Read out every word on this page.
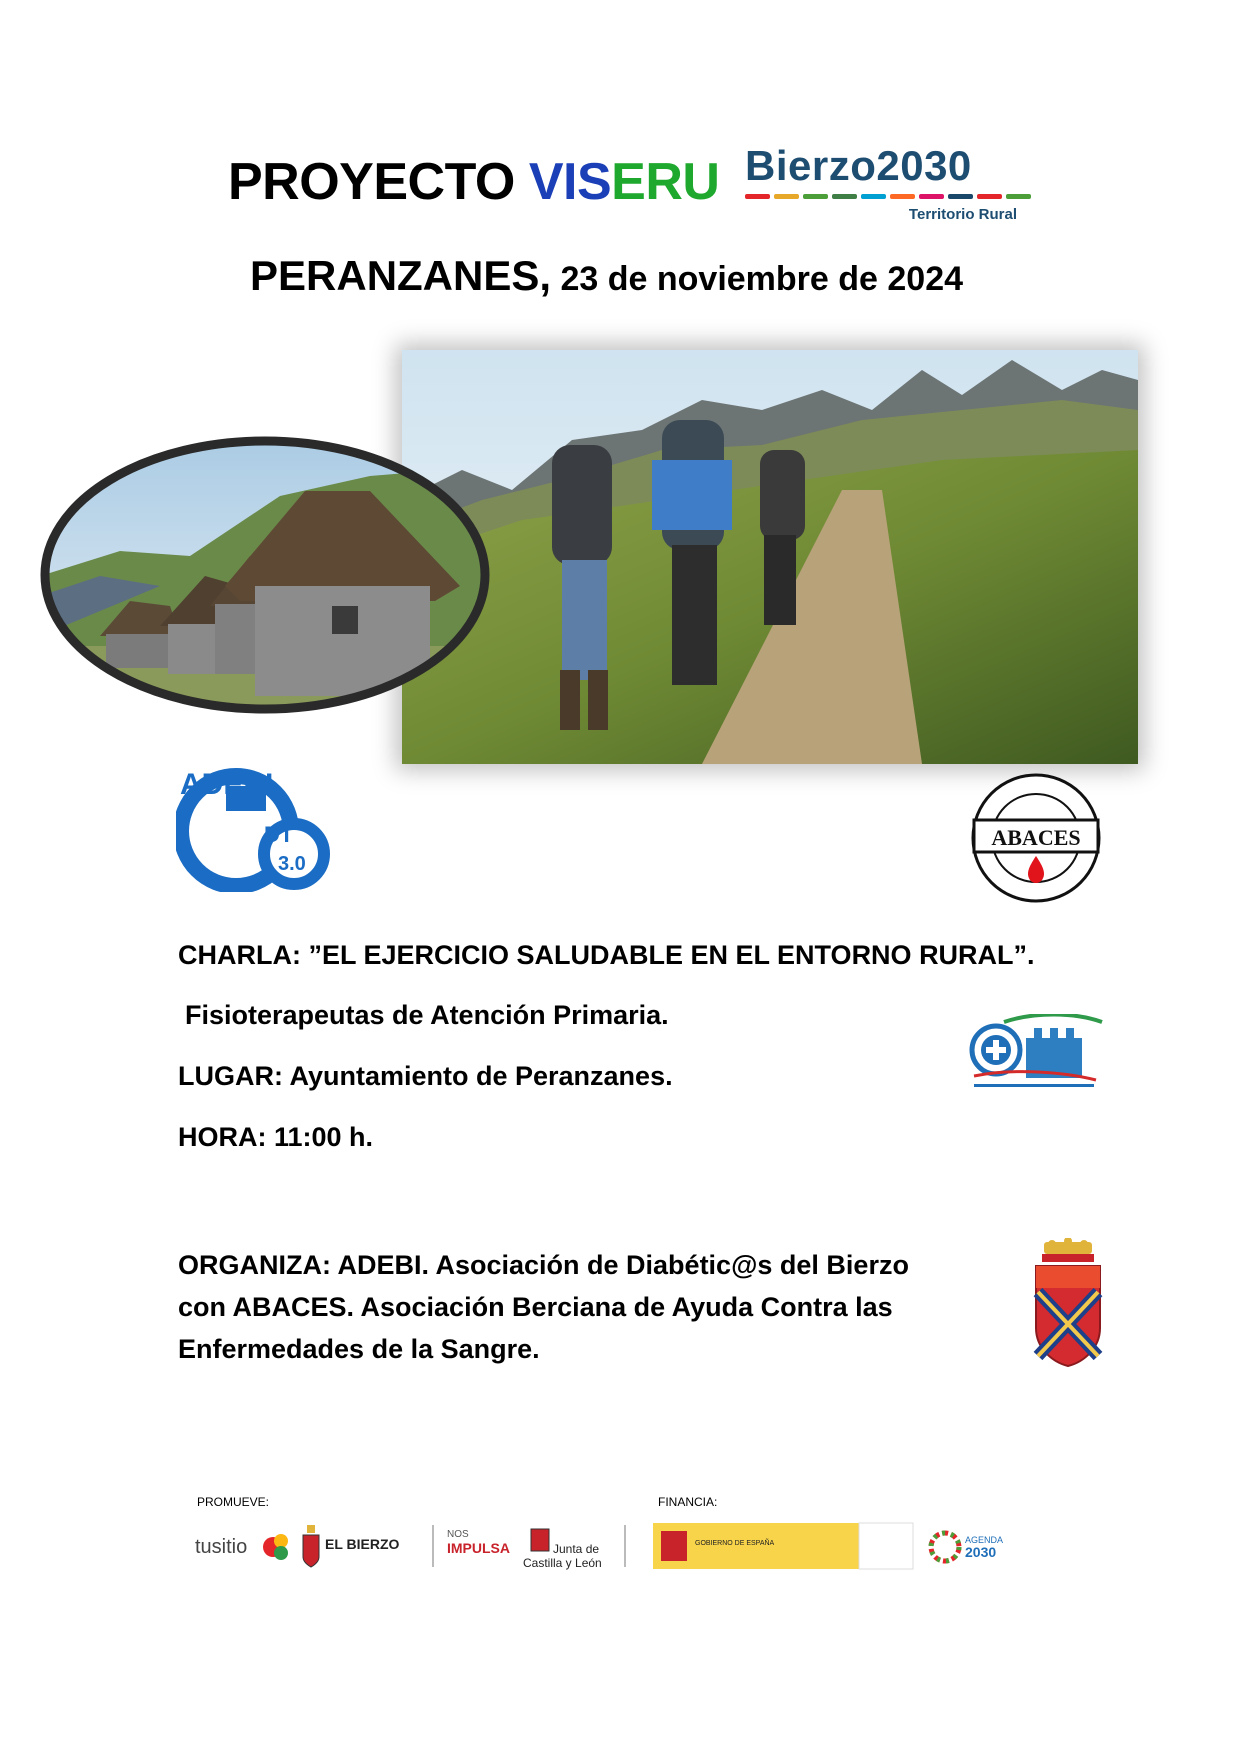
PROYECTO VISERU Bierzo2030
Territorio Rural
PERANZANES, 23 de noviembre de 2024
ADEBI
DT
3.0
ABACES
CHARLA: ”EL EJERCICIO SALUDABLE EN EL ENTORNO RURAL”.
Fisioterapeutas de Atención Primaria.
LUGAR: Ayuntamiento de Peranzanes.
HORA: 11:00 h.
ORGANIZA: ADEBI. Asociación de Diabétic@s del Bierzo
con ABACES. Asociación Berciana de Ayuda Contra las
Enfermedades de la Sangre.
PROMUEVE:	FINANCIA:
tusitio	EL BIERZO
NOS
IMPULSA	Junta de
Castilla y León
GOBIERNO DE ESPAÑA	AGENDA
2030
